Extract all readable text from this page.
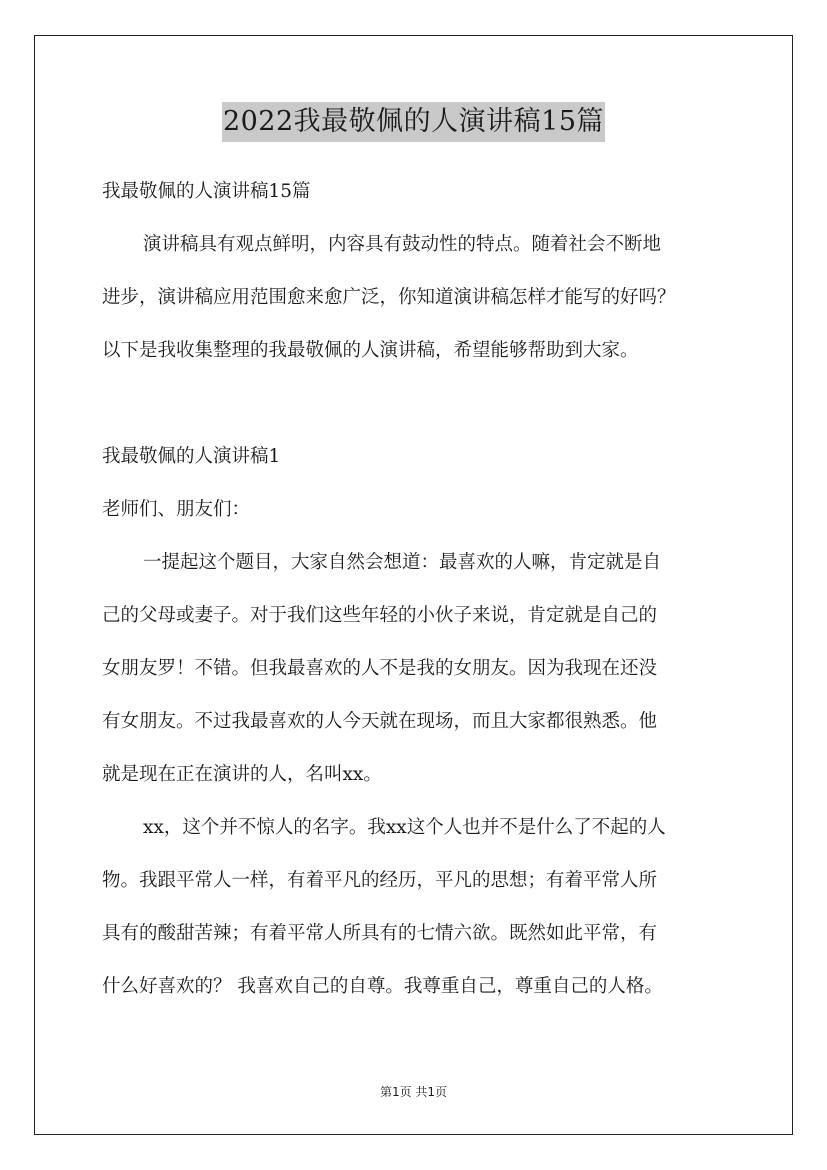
2022我最敬佩的人演讲稿15篇
我最敬佩的人演讲稿15篇
演讲稿具有观点鲜明，内容具有鼓动性的特点。随着社会不断地
进步，演讲稿应用范围愈来愈广泛，你知道演讲稿怎样才能写的好吗？
以下是我收集整理的我最敬佩的人演讲稿，希望能够帮助到大家。
我最敬佩的人演讲稿1
老师们、朋友们：
一提起这个题目，大家自然会想道：最喜欢的人嘛，肯定就是自
己的父母或妻子。对于我们这些年轻的小伙子来说，肯定就是自己的
女朋友罗！不错。但我最喜欢的人不是我的女朋友。因为我现在还没
有女朋友。不过我最喜欢的人今天就在现场，而且大家都很熟悉。他
就是现在正在演讲的人，名叫xx。
xx，这个并不惊人的名字。我xx这个人也并不是什么了不起的人
物。我跟平常人一样，有着平凡的经历，平凡的思想；有着平常人所
具有的酸甜苦辣；有着平常人所具有的七情六欲。既然如此平常，有
什么好喜欢的？ 我喜欢自己的自尊。我尊重自己，尊重自己的人格。
第1页 共1页
